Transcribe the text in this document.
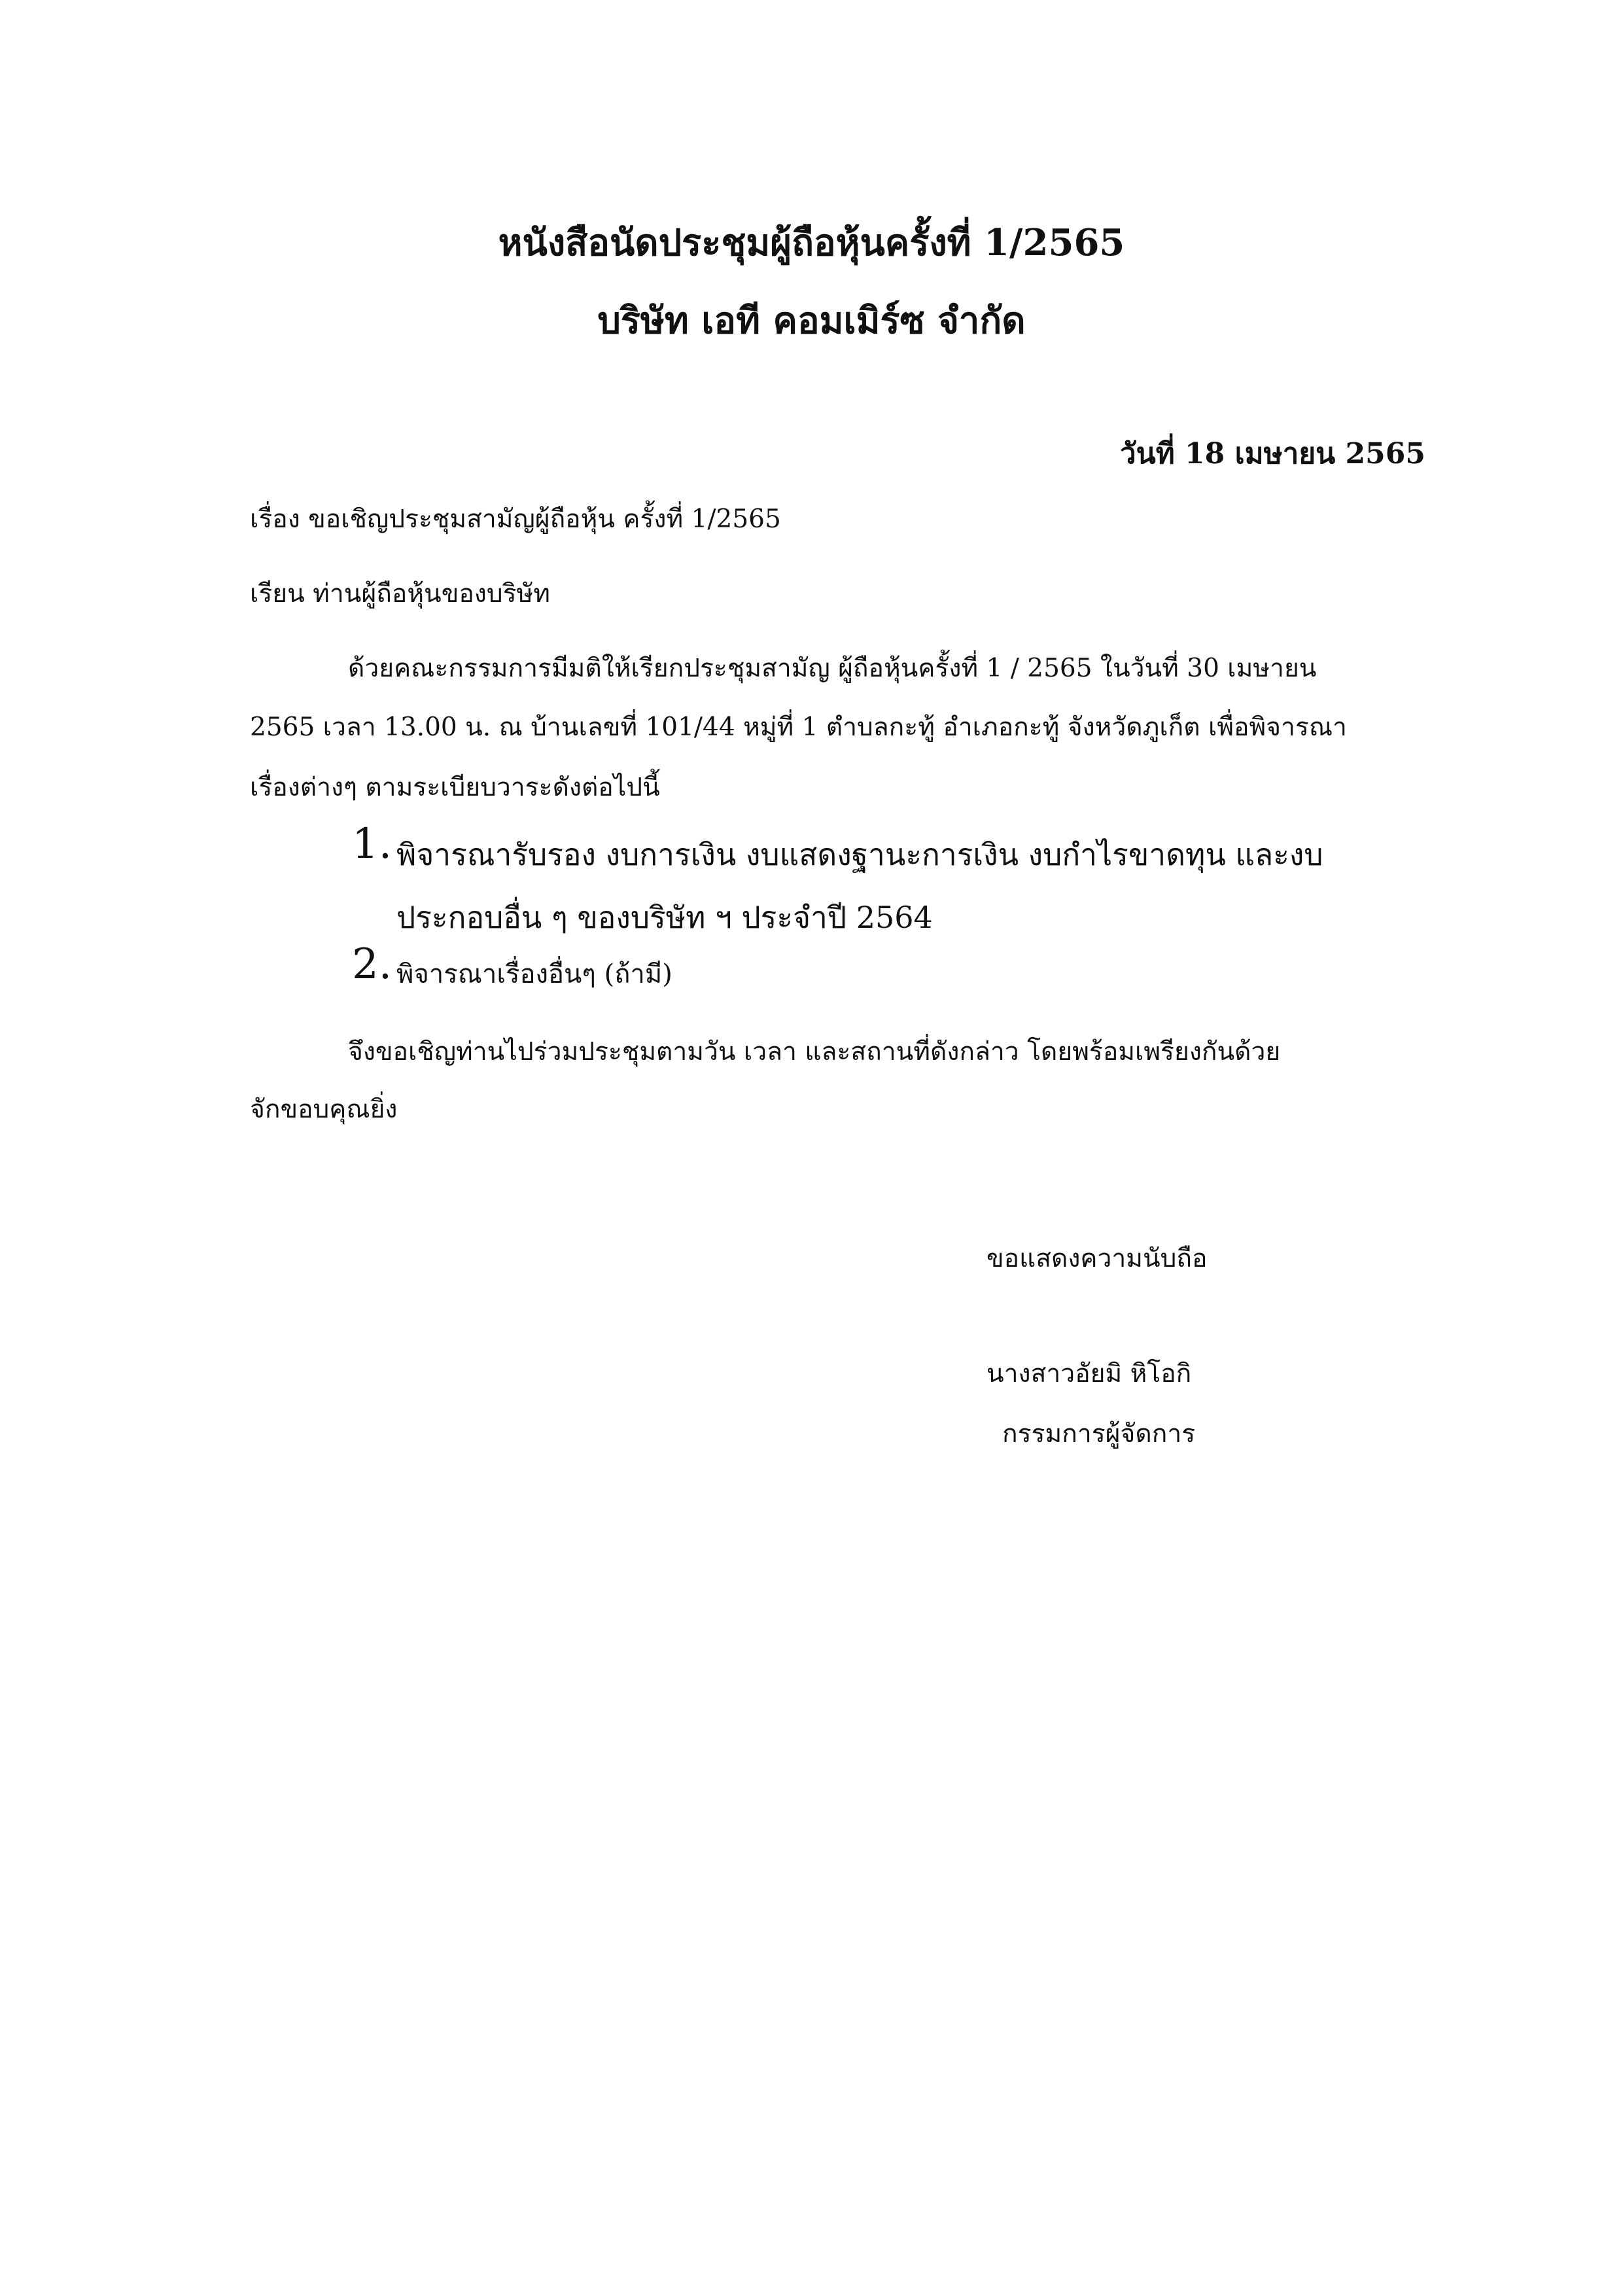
หนังสือนัดประชุมผู้ถือหุ้นครั้งที่ 1/2565
บริษัท เอที คอมเมิร์ซ จำกัด
วันที่ 18 เมษายน 2565
เรื่อง ขอเชิญประชุมสามัญผู้ถือหุ้น ครั้งที่ 1/2565
เรียน ท่านผู้ถือหุ้นของบริษัท
ด้วยคณะกรรมการมีมติให้เรียกประชุมสามัญ ผู้ถือหุ้นครั้งที่ 1 / 2565 ในวันที่ 30 เมษายน
2565 เวลา 13.00 น. ณ บ้านเลขที่ 101/44 หมู่ที่ 1 ตำบลกะทู้ อำเภอกะทู้ จังหวัดภูเก็ต เพื่อพิจารณา
เรื่องต่างๆ ตามระเบียบวาระดังต่อไปนี้
1. พิจารณารับรอง งบการเงิน งบแสดงฐานะการเงิน งบกำไรขาดทุน และงบ
ประกอบอื่น ๆ ของบริษัท ฯ ประจำปี 2564
2. พิจารณาเรื่องอื่นๆ (ถ้ามี)
จึงขอเชิญท่านไปร่วมประชุมตามวัน เวลา และสถานที่ดังกล่าว โดยพร้อมเพรียงกันด้วย
จักขอบคุณยิ่ง
ขอแสดงความนับถือ
นางสาวอัยมิ หิโอกิ
กรรมการผู้จัดการ
